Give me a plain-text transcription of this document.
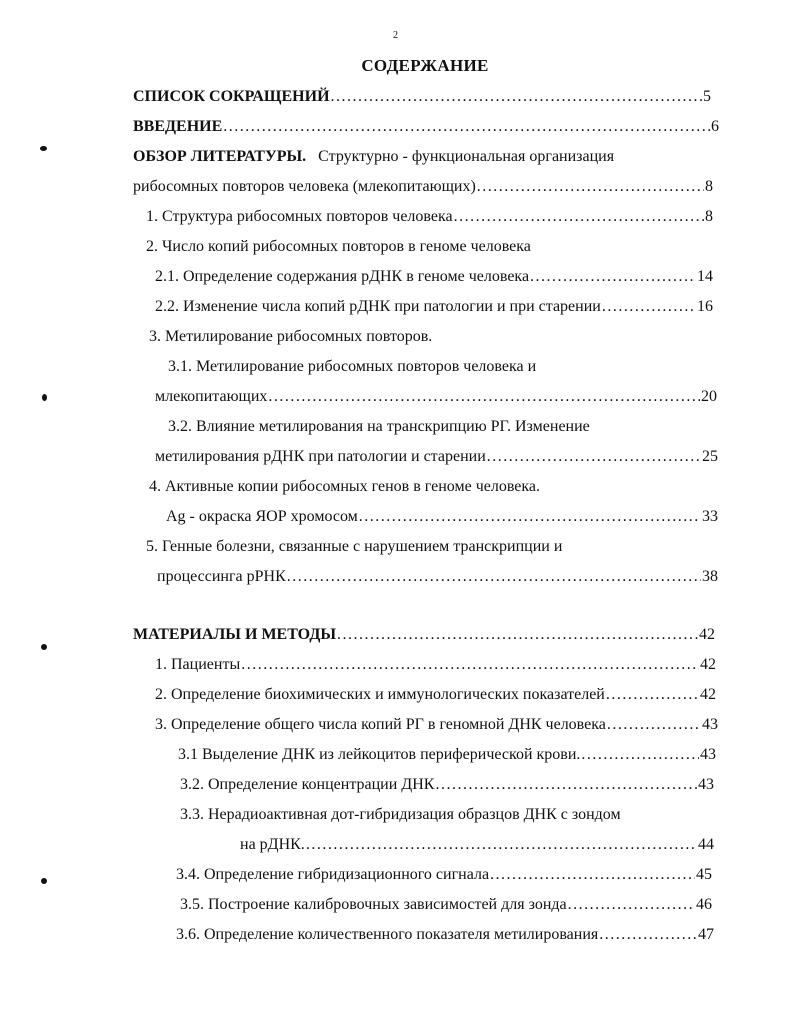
2
СОДЕРЖАНИЕ
СПИСОК СОКРАЩЕНИЙ .....	5
ВВЕДЕНИЕ .....	6
ОБЗОР ЛИТЕРАТУРЫ. Структурно - функциональная организация
рибосомных повторов человека (млекопитающих) .....	8
1. Структура рибосомных повторов человека .....	8
2. Число копий рибосомных повторов в геноме человека
2.1. Определение содержания рДНК в геноме человека .....	14
2.2. Изменение числа копий рДНК при патологии и при старении .....	16
3. Метилирование рибосомных повторов.
3.1. Метилирование рибосомных повторов человека и
млекопитающих .....	20
3.2. Влияние метилирования на транскрипцию РГ. Изменение
метилирования рДНК при патологии и старении .....	25
4. Активные копии рибосомных генов в геноме человека.
Ag - окраска ЯОР хромосом .....	33
5. Генные болезни, связанные с нарушением транскрипции и
процессинга рРНК .....	38
МАТЕРИАЛЫ И МЕТОДЫ .....	42
1. Пациенты .....	42
2. Определение биохимических и иммунологических показателей .....	42
3. Определение общего числа копий РГ в геномной ДНК человека .....	43
3.1 Выделение ДНК из лейкоцитов периферической крови. .....	43
3.2. Определение концентрации ДНК .....	43
3.3. Нерадиоактивная дот-гибридизация образцов ДНК с зондом
на рДНК. .....	44
3.4. Определение гибридизационного сигнала .....	45
3.5. Построение калибровочных зависимостей для зонда .....	46
3.6. Определение количественного показателя метилирования .....	47
